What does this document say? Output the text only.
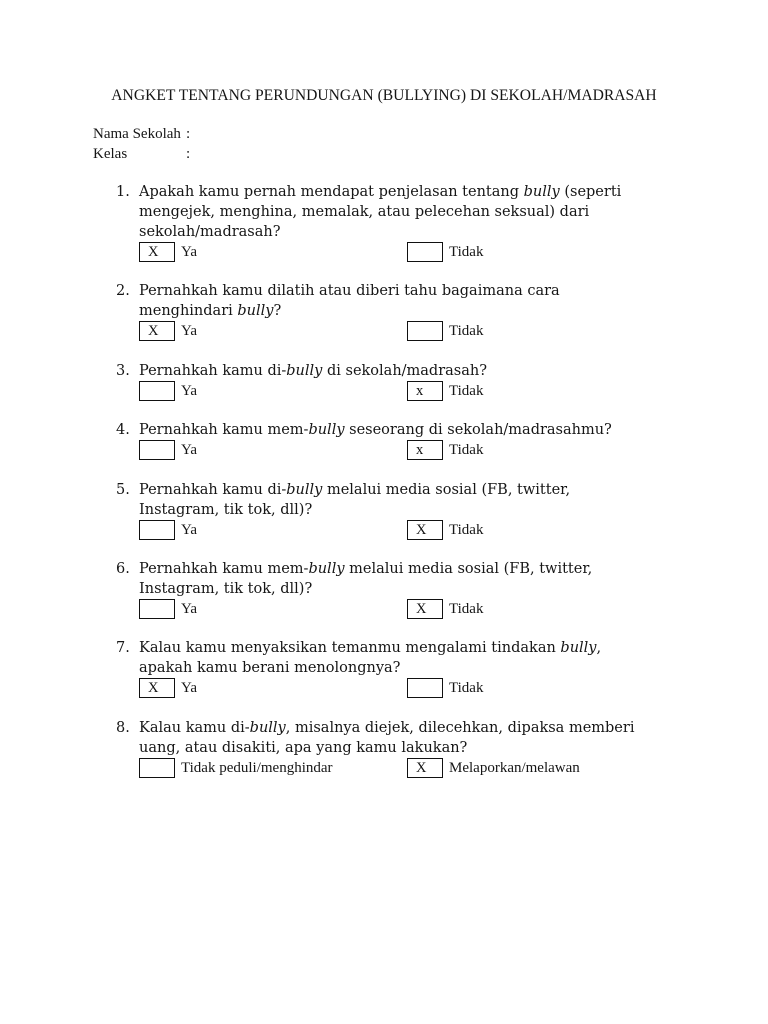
ANGKET TENTANG PERUNDUNGAN (BULLYING) DI SEKOLAH/MADRASAH
Nama Sekolah :
Kelas	:
1. Apakah kamu pernah mendapat penjelasan tentang bully (seperti
mengejek, menghina, memalak, atau pelecehan seksual) dari
sekolah/madrasah?
X	Ya	Tidak
2. Pernahkah kamu dilatih atau diberi tahu bagaimana cara
menghindari bully?
X	Ya	Tidak
3. Pernahkah kamu di-bully di sekolah/madrasah?
Ya	x	Tidak
4. Pernahkah kamu mem-bully seseorang di sekolah/madrasahmu?
Ya	x	Tidak
5. Pernahkah kamu di-bully melalui media sosial (FB, twitter,
Instagram, tik tok, dll)?
Ya	X	Tidak
6. Pernahkah kamu mem-bully melalui media sosial (FB, twitter,
Instagram, tik tok, dll)?
Ya	X	Tidak
7. Kalau kamu menyaksikan temanmu mengalami tindakan bully,
apakah kamu berani menolongnya?
X	Ya	Tidak
8. Kalau kamu di-bully, misalnya diejek, dilecehkan, dipaksa memberi
uang, atau disakiti, apa yang kamu lakukan?
Tidak peduli/menghindar	X	Melaporkan/melawan
